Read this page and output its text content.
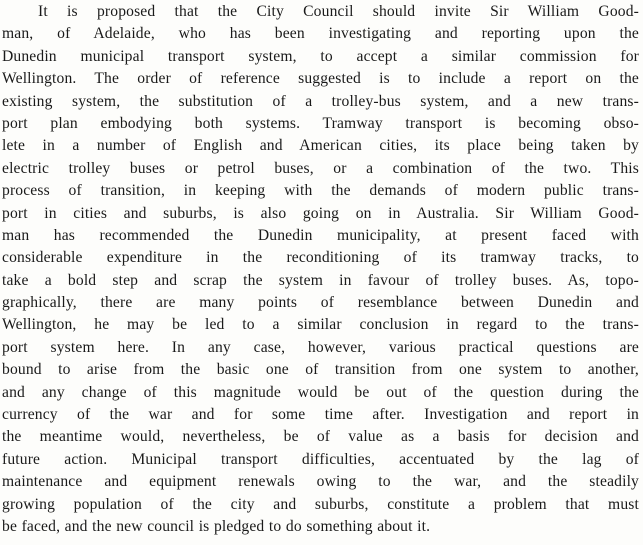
It is proposed that the City Council should invite Sir William Good-
man, of Adelaide, who has been investigating and reporting upon the
Dunedin municipal transport system, to accept a similar commission for
Wellington. The order of reference suggested is to include a report on the
existing system, the substitution of a trolley-bus system, and a new trans-
port plan embodying both systems. Tramway transport is becoming obso-
lete in a number of English and American cities, its place being taken by
electric trolley buses or petrol buses, or a combination of the two. This
process of transition, in keeping with the demands of modern public trans-
port in cities and suburbs, is also going on in Australia. Sir William Good-
man has recommended the Dunedin municipality, at present faced with
considerable expenditure in the reconditioning of its tramway tracks, to
take a bold step and scrap the system in favour of trolley buses. As, topo-
graphically, there are many points of resemblance between Dunedin and
Wellington, he may be led to a similar conclusion in regard to the trans-
port system here. In any case, however, various practical questions are
bound to arise from the basic one of transition from one system to another,
and any change of this magnitude would be out of the question during the
currency of the war and for some time after. Investigation and report in
the meantime would, nevertheless, be of value as a basis for decision and
future action. Municipal transport difficulties, accentuated by the lag of
maintenance and equipment renewals owing to the war, and the steadily
growing population of the city and suburbs, constitute a problem that must
be faced, and the new council is pledged to do something about it.
